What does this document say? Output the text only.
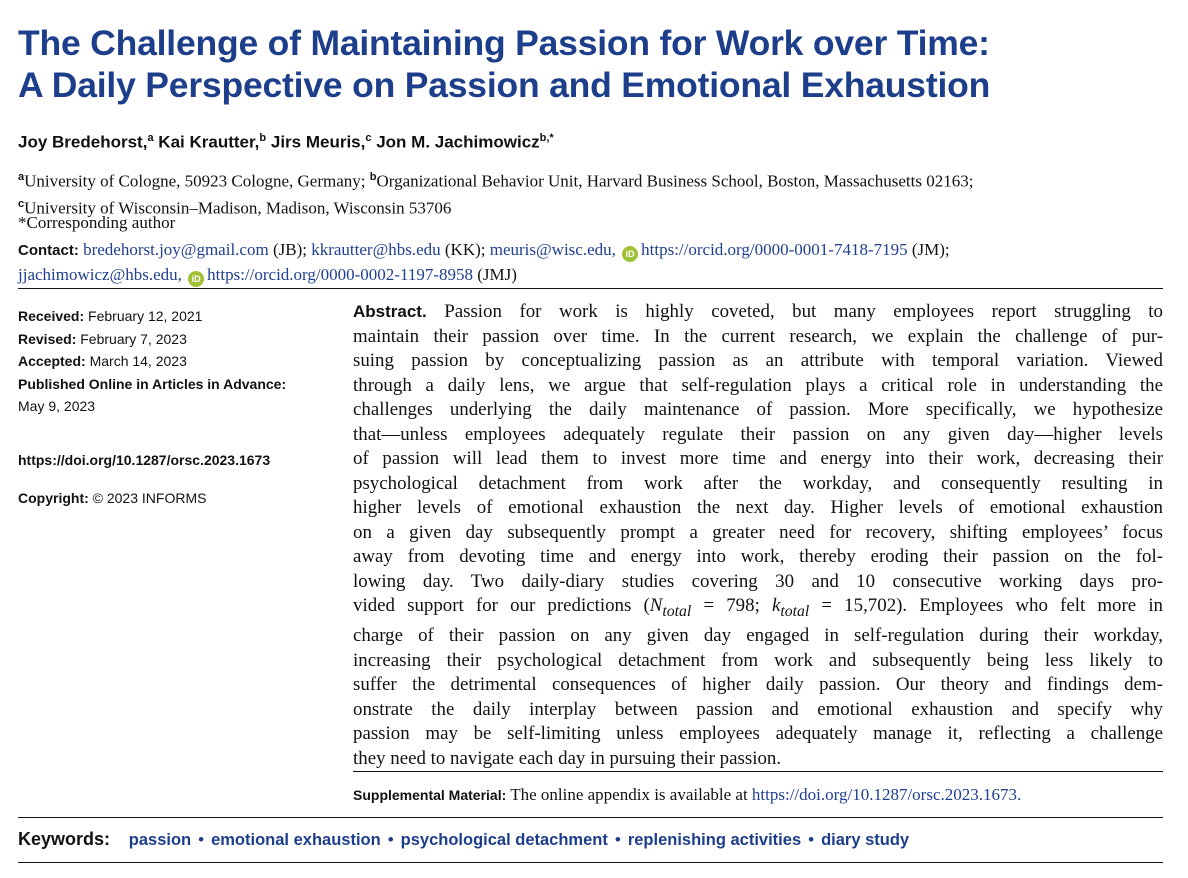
The Challenge of Maintaining Passion for Work over Time:
A Daily Perspective on Passion and Emotional Exhaustion
Joy Bredehorst,$^a$ Kai Krautter,$^b$ Jirs Meuris,$^c$ Jon M. Jachimowicz$^{b,*}$
$^a$University of Cologne, 50923 Cologne, Germany; $^b$Organizational Behavior Unit, Harvard Business School, Boston, Massachusetts 02163;
$^c$University of Wisconsin–Madison, Madison, Wisconsin 53706
*Corresponding author
Contact: bredehorst.joy@gmail.com (JB); kkrautter@hbs.edu (KK); meuris@wisc.edu, iD https://orcid.org/0000-0001-7418-7195 (JM);
jjachimowicz@hbs.edu, iD https://orcid.org/0000-0002-1197-8958 (JMJ)
Received: February 12, 2021
Revised: February 7, 2023
Accepted: March 14, 2023
Published Online in Articles in Advance:
May 9, 2023
https://doi.org/10.1287/orsc.2023.1673
Copyright: © 2023 INFORMS
Abstract. Passion for work is highly coveted, but many employees report struggling to
maintain their passion over time. In the current research, we explain the challenge of pur-
suing passion by conceptualizing passion as an attribute with temporal variation. Viewed
through a daily lens, we argue that self-regulation plays a critical role in understanding the
challenges underlying the daily maintenance of passion. More specifically, we hypothesize
that—unless employees adequately regulate their passion on any given day—higher levels
of passion will lead them to invest more time and energy into their work, decreasing their
psychological detachment from work after the workday, and consequently resulting in
higher levels of emotional exhaustion the next day. Higher levels of emotional exhaustion
on a given day subsequently prompt a greater need for recovery, shifting employees’ focus
away from devoting time and energy into work, thereby eroding their passion on the fol-
lowing day. Two daily-diary studies covering 30 and 10 consecutive working days pro-
vided support for our predictions ($N_{total} = 798$; $k_{total} = 15,702$). Employees who felt more in
charge of their passion on any given day engaged in self-regulation during their workday,
increasing their psychological detachment from work and subsequently being less likely to
suffer the detrimental consequences of higher daily passion. Our theory and findings dem-
onstrate the daily interplay between passion and emotional exhaustion and specify why
passion may be self-limiting unless employees adequately manage it, reflecting a challenge
they need to navigate each day in pursuing their passion.
Supplemental Material: The online appendix is available at https://doi.org/10.1287/orsc.2023.1673.
Keywords: passion • emotional exhaustion • psychological detachment • replenishing activities • diary study
